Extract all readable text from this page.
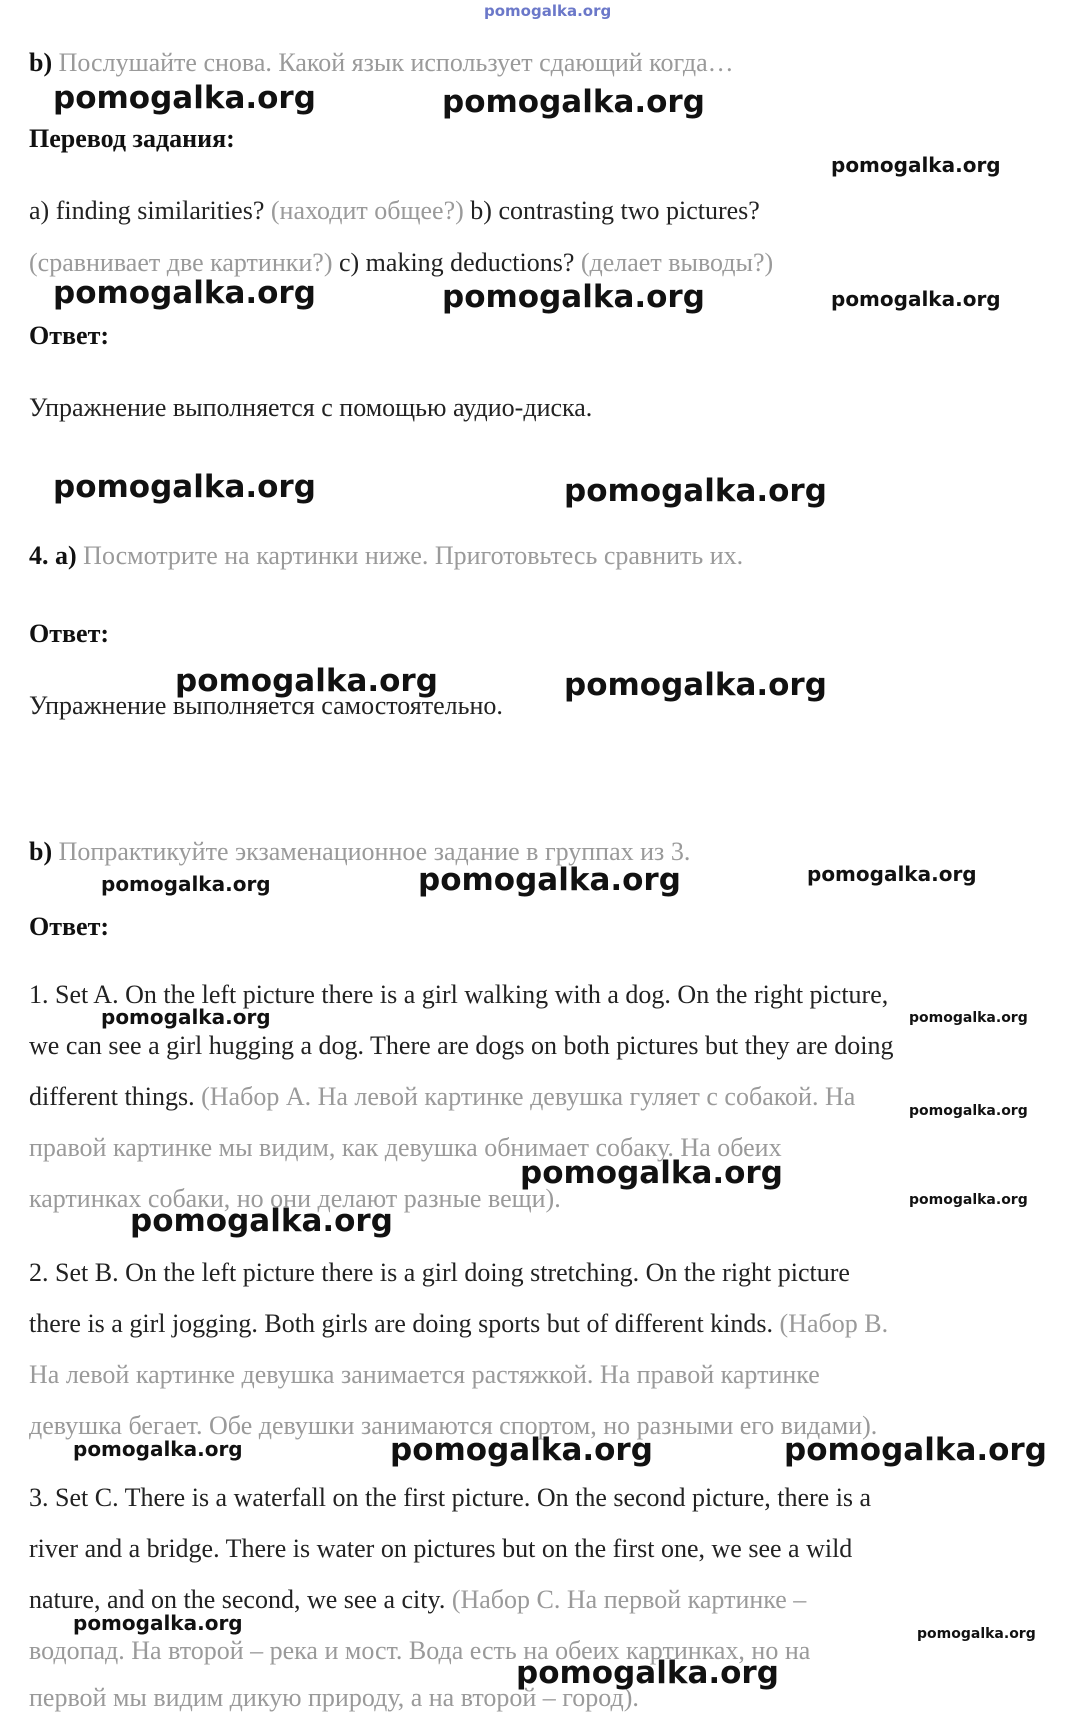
pomogalka.org
b) Послушайте снова. Какой язык использует сдающий когда…
Перевод задания:
a) finding similarities? (находит общее?) b) contrasting two pictures?
(сравнивает две картинки?) c) making deductions? (делает выводы?)
Ответ:
Упражнение выполняется с помощью аудио-диска.
4. a) Посмотрите на картинки ниже. Приготовьтесь сравнить их.
Ответ:
Упражнение выполняется самостоятельно.
b) Попрактикуйте экзаменационное задание в группах из 3.
Ответ:
1. Set A. On the left picture there is a girl walking with a dog. On the right picture,
we can see a girl hugging a dog. There are dogs on both pictures but they are doing
different things. (Набор A. На левой картинке девушка гуляет с собакой. На
правой картинке мы видим, как девушка обнимает собаку. На обеих
картинках собаки, но они делают разные вещи).
2. Set B. On the left picture there is a girl doing stretching. On the right picture
there is a girl jogging. Both girls are doing sports but of different kinds. (Набор B.
На левой картинке девушка занимается растяжкой. На правой картинке
девушка бегает. Обе девушки занимаются спортом, но разными его видами).
3. Set C. There is a waterfall on the first picture. On the second picture, there is a
river and a bridge. There is water on pictures but on the first one, we see a wild
nature, and on the second, we see a city. (Набор C. На первой картинке –
водопад. На второй – река и мост. Вода есть на обеих картинках, но на
первой мы видим дикую природу, а на второй – город).
pomogalka.org	pomogalka.org
pomogalka.org
pomogalka.org	pomogalka.org	pomogalka.org
pomogalka.org	pomogalka.org
pomogalka.org	pomogalka.org
pomogalka.org	pomogalka.org	pomogalka.org
pomogalka.org	pomogalka.org
pomogalka.org
pomogalka.org
pomogalka.org
pomogalka.org
pomogalka.org	pomogalka.org	pomogalka.org
pomogalka.org	pomogalka.org
pomogalka.org
